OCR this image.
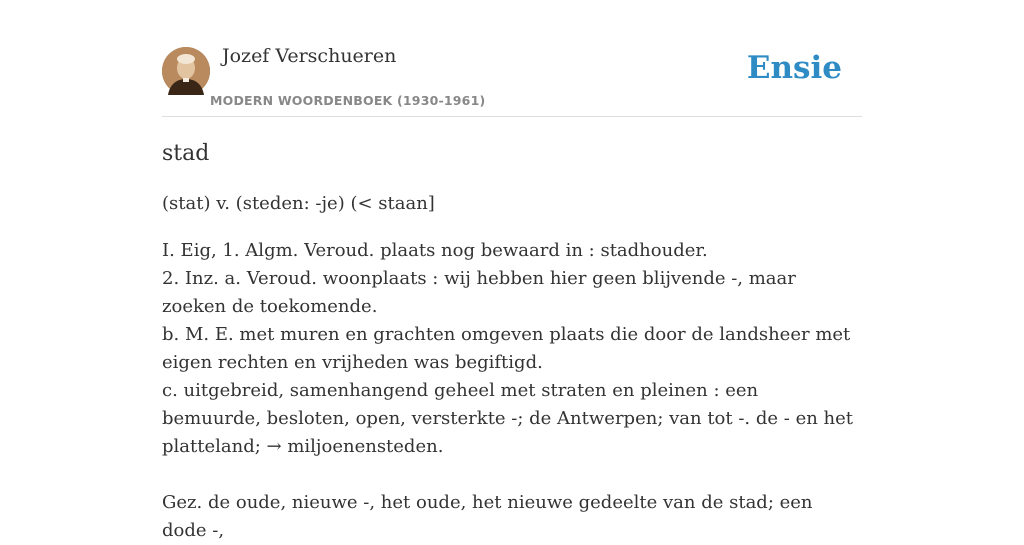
Jozef Verschueren
MODERN WOORDENBOEK (1930-1961)
Ensie
stad
(stat) v. (steden: -je) (< staan]

I. Eig, 1. Algm. Veroud. plaats nog bewaard in : stadhouder.

2. Inz. a. Veroud. woonplaats : wij hebben hier geen blijvende -, maar zoeken de toekomende.

b. M. E. met muren en grachten omgeven plaats die door de landsheer met eigen rechten en vrijheden was begiftigd.

c. uitgebreid, samenhangend geheel met straten en pleinen : een bemuurde, besloten, open, versterkte -; de Antwerpen; van tot -. de - en het platteland; → miljoenensteden.

Gez. de oude, nieuwe -, het oude, het nieuwe gedeelte van de stad; een dode -,
